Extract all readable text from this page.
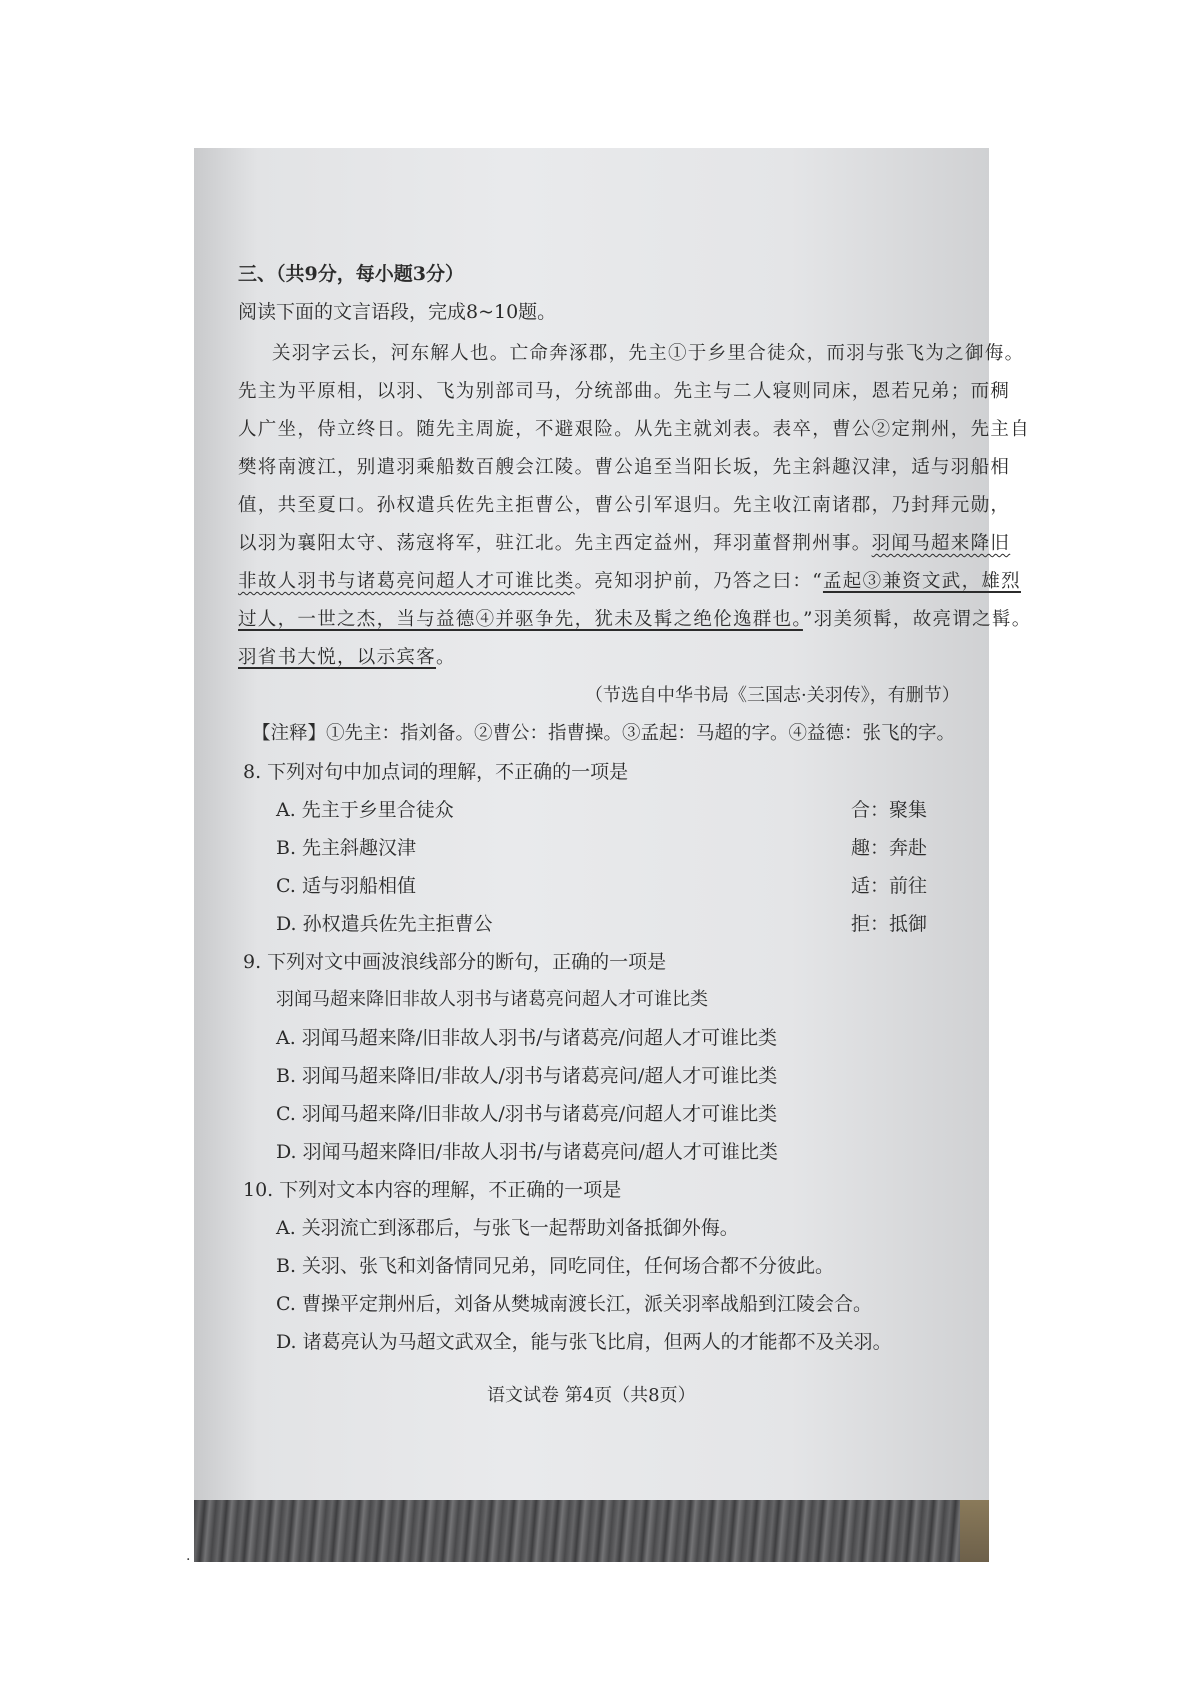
三、（共9分，每小题3分）
阅读下面的文言语段，完成8~10题。
关羽字云长，河东解人也。亡命奔涿郡，先主①于乡里合徒众，而羽与张飞为之御侮。
先主为平原相，以羽、飞为别部司马，分统部曲。先主与二人寝则同床，恩若兄弟；而稠
人广坐，侍立终日。随先主周旋，不避艰险。从先主就刘表。表卒，曹公②定荆州，先主自
樊将南渡江，别遣羽乘船数百艘会江陵。曹公追至当阳长坂，先主斜趣汉津，适与羽船相
值，共至夏口。孙权遣兵佐先主拒曹公，曹公引军退归。先主收江南诸郡，乃封拜元勋，
以羽为襄阳太守、荡寇将军，驻江北。先主西定益州，拜羽董督荆州事。羽闻马超来降旧
非故人羽书与诸葛亮问超人才可谁比类。亮知羽护前，乃答之曰：“孟起③兼资文武，雄烈
过人，一世之杰，当与益德④并驱争先，犹未及髯之绝伦逸群也。”羽美须髯，故亮谓之髯。
羽省书大悦，以示宾客。
（节选自中华书局《三国志·关羽传》，有删节）
【注释】①先主：指刘备。②曹公：指曹操。③孟起：马超的字。④益德：张飞的字。
8. 下列对句中加点词的理解，不正确的一项是
A. 先主于乡里合徒众	合：聚集
B. 先主斜趣汉津	趣：奔赴
C. 适与羽船相值	适：前往
D. 孙权遣兵佐先主拒曹公	拒：抵御
9. 下列对文中画波浪线部分的断句，正确的一项是
羽闻马超来降旧非故人羽书与诸葛亮问超人才可谁比类
A. 羽闻马超来降/旧非故人羽书/与诸葛亮/问超人才可谁比类
B. 羽闻马超来降旧/非故人/羽书与诸葛亮问/超人才可谁比类
C. 羽闻马超来降/旧非故人/羽书与诸葛亮/问超人才可谁比类
D. 羽闻马超来降旧/非故人羽书/与诸葛亮问/超人才可谁比类
10. 下列对文本内容的理解，不正确的一项是
A. 关羽流亡到涿郡后，与张飞一起帮助刘备抵御外侮。
B. 关羽、张飞和刘备情同兄弟，同吃同住，任何场合都不分彼此。
C. 曹操平定荆州后，刘备从樊城南渡长江，派关羽率战船到江陵会合。
D. 诸葛亮认为马超文武双全，能与张飞比肩，但两人的才能都不及关羽。
语文试卷 第4页（共8页）
.
